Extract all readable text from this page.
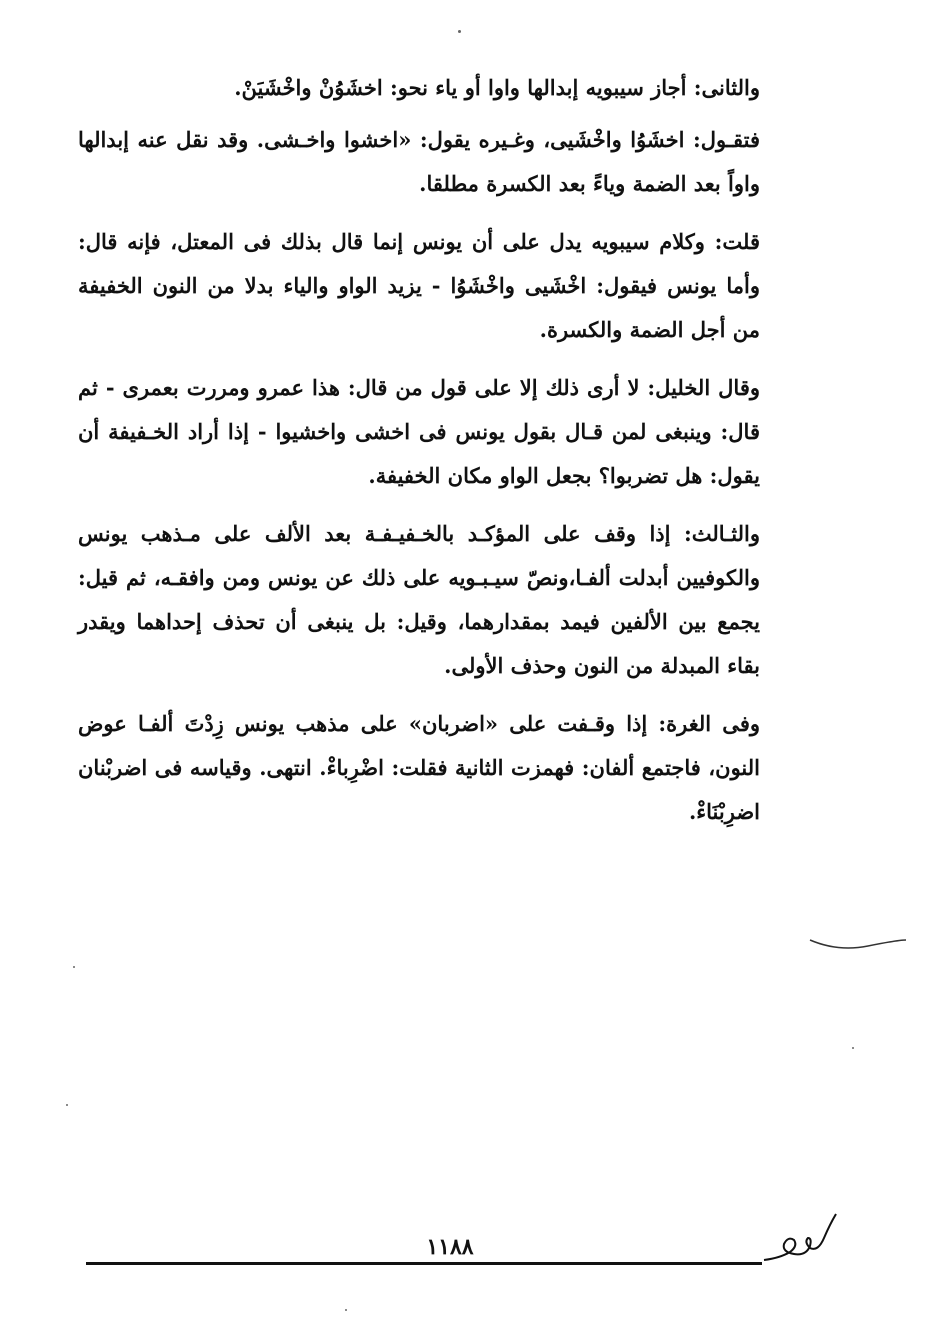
والثانى: أجاز سيبويه إبدالها واوا أو ياء نحو: اخشَوُنْ واخْشَيَنْ.

فتقـول: اخشَوُا واخْشَيى، وغـيره يقول: «اخشوا واخـشى. وقد نقل عنه إبدالها واواً بعد الضمة وياءً بعد الكسرة مطلقا.

قلت: وكلام سيبويه يدل على أن يونس إنما قال بذلك فى المعتل، فإنه قال: وأما يونس فيقول: اخْشَيى واخْشَوُا - يزيد الواو والياء بدلا من النون الخفيفة من أجل الضمة والكسرة.

وقال الخليل: لا أرى ذلك إلا على قول من قال: هذا عمرو ومررت بعمرى - ثم قال: وينبغى لمن قـال بقول يونس فى اخشى واخشيوا - إذا أراد الخـفيفة أن يقول: هل تضربوا؟ بجعل الواو مكان الخفيفة.

والثـالث: إذا وقف على المؤكـد بالخـفيـفـة بعد الألف على مـذهب يونس والكوفيين أبدلت ألفـا،ونصّ سيـبـويه على ذلك عن يونس ومن وافقـه، ثم قيل: يجمع بين الألفين فيمد بمقدارهما، وقيل: بل ينبغى أن تحذف إحداهما ويقدر بقاء المبدلة من النون وحذف الأولى.

وفى الغرة: إذا وقـفت على «اضربان» على مذهب يونس زِدْتَ ألفـا عوض النون، فاجتمع ألفان: فهمزت الثانية فقلت: اضْرِباءْ. انتهى. وقياسه فى اضربْنان اضرِبْنَاءْ.

١١٨٨
